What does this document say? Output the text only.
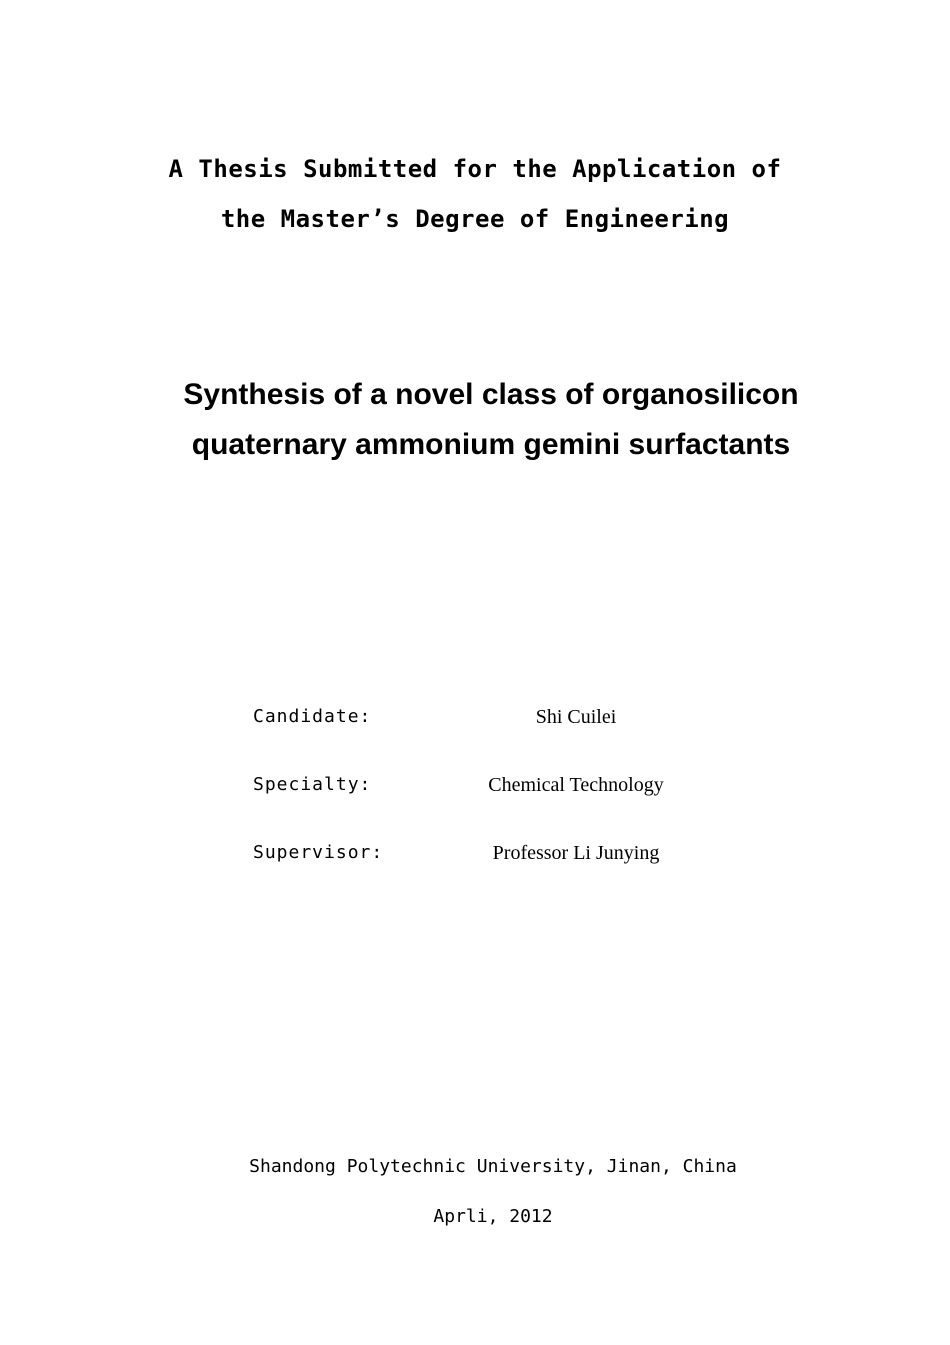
A Thesis Submitted for the Application of
the Master’s Degree of Engineering
Synthesis of a novel class of organosilicon
quaternary ammonium gemini surfactants
Candidate:	Shi Cuilei
Specialty:	Chemical Technology
Supervisor:	Professor Li Junying
Shandong Polytechnic University, Jinan, China
Aprli, 2012
